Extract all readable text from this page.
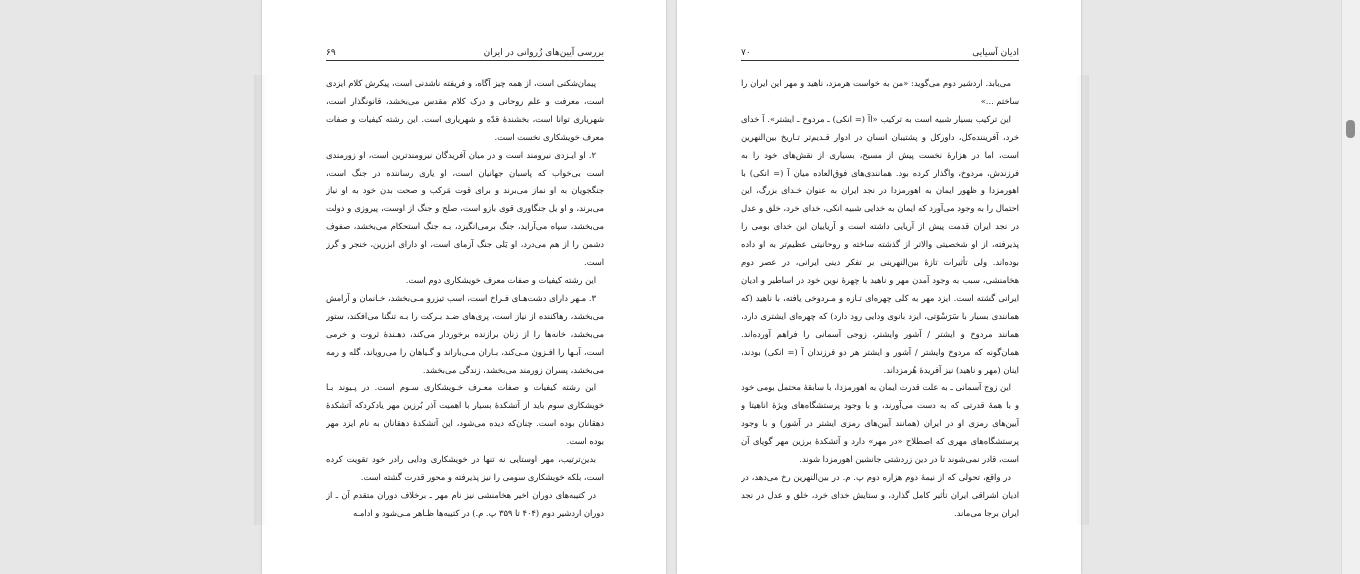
بررسی آیین‌های زُروانی در ایران
۶۹

پیمان‌شکنی است، از همه چیز آگاه، و فریفته ناشدنی است، پیکرش کلام ایزدی است، معرفت و علم روحانی و درک کلام مقدس می‌بخشد، قانونگذار است، شهریاری توانا است، بخشندهٔ قدّه و شهریاری است. این رشته کیفیات و صفات معرف خویشکاری نخست است.

۲. او ایـزدی نیرومند است و در میان آفریدگان نیرومندترین است، او زورمندی است بی‌خواب که پاسبان جهانیان است، او یاری رساننده در جنگ است، جنگجویان به او نماز می‌برند و برای قوت مَرکب و صحت بدن خود به او نیاز می‌برند، و او یل جنگاوری قوی بازو است، صلح و جنگ از اوست، پیروزی و دولت می‌بخشد، سپاه می‌آراید، جنگ‌ برمی‌انگیزد، بـه جنگ استحکام می‌بخشد، صفوف دشمن را از هم می‌درد، او یَلی جنگ آزمای است، او دارای ابزرین، خنجر و گرز است.

این رشته کیفیات و صفات معرف خویشکاری دوم است.

۳. مـهر دارای دشت‌هـای فـراخ است، اسب تیزرو مـی‌بخشد، خـانمان و آرامش می‌بخشد، رهاکننده از نیاز است، پری‌های ضـد بـرکت را بـه تنگنا می‌افکند، ستور می‌بخشد، خانه‌ها را از زنان برازنده برخوردار می‌کند، دهـندهٔ ثروت و خرمی است، آبـها را افـزون مـی‌کند، بـاران مـی‌باراند و گـیاهان را می‌رویاند، گله و رمه می‌بخشد، پسران زورمند می‌بخشد، زندگی می‌بخشد.

این رشته کیفیات و صفات معـرف خـویشکاری سـوم است. در پـیوند بـا خویشکاری سوم باید از آتشکدهٔ بسیار با اهمیت آذر بُرزین مهر یادکردکه آتشکدهٔ دهقانان بوده است. چنان‌که دیده می‌شود، این آتشکدهٔ دهقانان به نام ایزد مهر بوده است.

بدین‌ترتیب، مهر اوستایی نه تنها در خویشکاری ودایی رادر خود تقویت کرده است، بلکه خویشکاری سومی را نیز پذیرفته و محور قدرت گشته است.

در کتیبه‌های دوران اخیر هخامنشی نیز نام مهر ـ برخلاف دوران متقدم آن ـ از دوران اردشیر دوم (۴۰۴ تا ۳۵۹ پ. م.) در کتیبه‌ها ظـاهر مـی‌شود و ادامـه

ادیان آسیایی
۷۰

می‌یابد. اردشیر دوم می‌گوید: «من به خواست هرمزد، ناهید و مهر این ایران را ساختم ...»

این ترکیب بسیار شبیه است به ترکیب «اآ (= انکی) ـ مردوخ ـ ایشتر». آ خدای خرد، آفریننده‌کل، داورکل و پشتیبان انسان در ادوار قـدیم‌تر تـاریخ بین‌النهرین است، اما در هزارهٔ نخست پیش از مسیح، بسیاری از نقش‌های خود را به فرزندش، مردوخ، واگذار کرده بود. همانندی‌های فوق‌العاده میان آ (= انکی) با اهورمزدا و ظهور ایمان به اهورمزدا در نجد ایران به عنوان خـدای بزرگ، این احتمال را به وجود می‌آورد که ایمان به خدایی شبیه انکی، خدای خرد، خلق و عدل در نجد ایران قدمت پیش از آریایی داشته است و آریاییان این خدای بومی را پذیرفته، از او شخصیتی والاتر از گذشته ساخته و روحانیتی عظیم‌تر به او داده بوده‌اند. ولی تأثیرات تازهٔ بین‌النهرینی بر تفکر دینی ایرانی، در عصر دوم هخامنشی، سبب به وجود آمدن مهر و ناهید با چهرهٔ نوین خود در اساطیر و ادیان ایرانی گشته است. ایزد مهر به کلی چهره‌ای تـازه و مـردوخی یافته، با ناهید (که همانندی بسیار با سَرَسْوَتی، ایزد بانوی ودایی رود دارد) که چهره‌ای ایشتری دارد، همانند مردوخ و ایشتر / آشور وایشتر، زوجی آسمانی را فراهم آورده‌اند. همان‌گونه که مردوخ وایشتر / آشور و ایشتر هر دو فرزندان آ (= انکی) بودند، اینان (مهر و ناهید) نیز آفریدهٔ هُرمزداند.

این زوج آسمانی ـ به علت قدرت ایمان به اهورمزدا، با سابقهٔ محتمل بومی خود و با همهٔ قدرتی که به دست می‌آورند، و با وجود پرستشگاه‌های ویژهٔ اناهیتا و آیین‌های رمزی او در ایران (همانند آیین‌های رمزی ایشتر در آشور) و با وجود پرستشگاه‌های مهری که اصطلاح «در مهر» دارد و آتشکدهٔ برزین مهر گویای آن است، قادر نمی‌شوند تا در دین زردشتی جانشین اهورمزدا شوند.

در واقع، تحولی که از نیمهٔ دوم هزاره دوم پ. م. در بین‌النهرین رخ می‌دهد، در ادیان اشراقی ایران تأثیر کامل گذارد، و ستایش خدای خرد، خلق و عدل در نجد ایران برجا می‌ماند.
